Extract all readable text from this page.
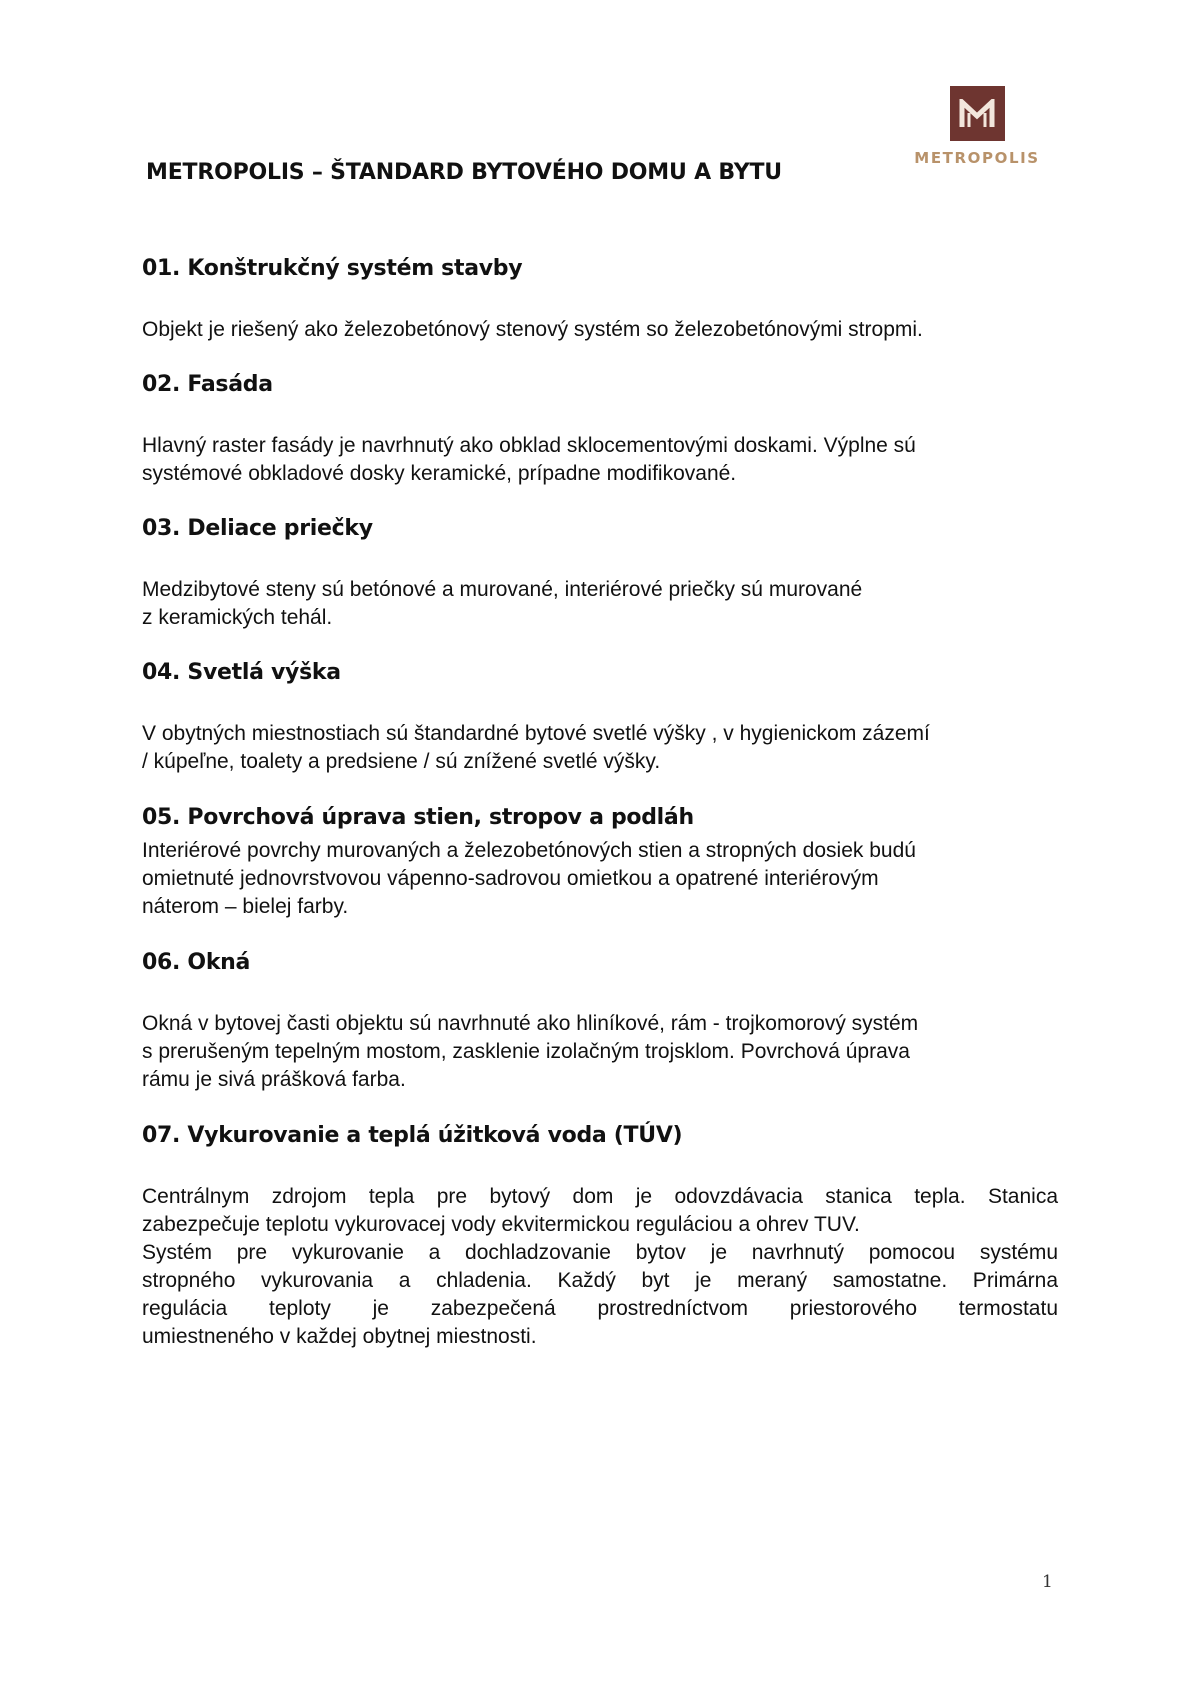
METROPOLIS
METROPOLIS – ŠTANDARD BYTOVÉHO DOMU A BYTU
01. Konštrukčný systém stavby

Objekt je riešený ako železobetónový stenový systém so železobetónovými stropmi.

02. Fasáda

Hlavný raster fasády je navrhnutý ako obklad sklocementovými doskami. Výplne sú
systémové obkladové dosky keramické, prípadne modifikované.

03. Deliace priečky

Medzibytové steny sú betónové a murované, interiérové priečky sú murované
z keramických tehál.

04. Svetlá výška

V obytných miestnostiach sú štandardné bytové svetlé výšky , v hygienickom zázemí
/ kúpeľne, toalety a predsiene / sú znížené svetlé výšky.

05. Povrchová úprava stien, stropov a podláh

Interiérové povrchy murovaných a železobetónových stien a stropných dosiek budú
omietnuté jednovrstvovou vápenno-sadrovou omietkou a opatrené interiérovým
náterom – bielej farby.

06. Okná

Okná v bytovej časti objektu sú navrhnuté ako hliníkové, rám - trojkomorový systém
s prerušeným tepelným mostom, zasklenie izolačným trojsklom. Povrchová úprava
rámu je sivá prášková farba.

07. Vykurovanie a teplá úžitková voda (TÚV)

Centrálnym zdrojom tepla pre bytový dom je odovzdávacia stanica tepla. Stanica
zabezpečuje teplotu vykurovacej vody ekvitermickou reguláciou a ohrev TUV.
Systém pre vykurovanie a dochladzovanie bytov je navrhnutý pomocou systému
stropného vykurovania a chladenia. Každý byt je meraný samostatne. Primárna
regulácia teploty je zabezpečená prostredníctvom priestorového termostatu
umiestneného v každej obytnej miestnosti.

1
